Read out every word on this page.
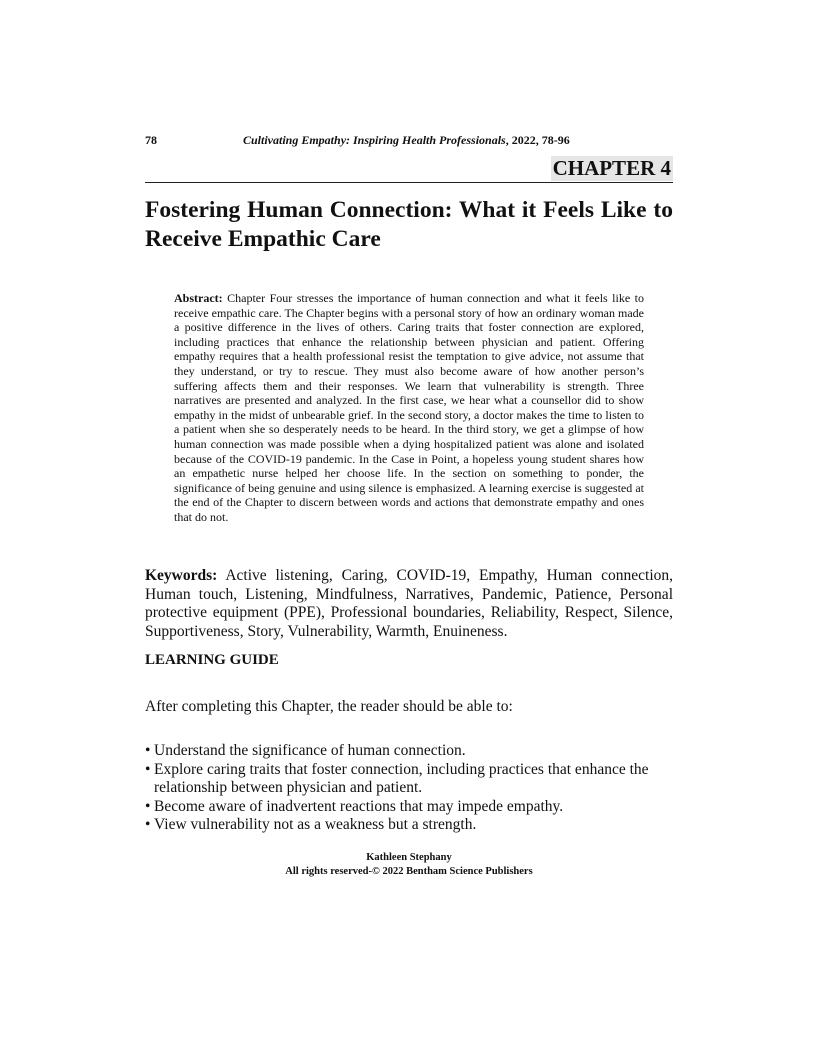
78	Cultivating Empathy: Inspiring Health Professionals, 2022, 78-96
CHAPTER 4
Fostering Human Connection: What it Feels Like to Receive Empathic Care
Abstract: Chapter Four stresses the importance of human connection and what it feels like to receive empathic care. The Chapter begins with a personal story of how an ordinary woman made a positive difference in the lives of others. Caring traits that foster connection are explored, including practices that enhance the relationship between physician and patient. Offering empathy requires that a health professional resist the temptation to give advice, not assume that they understand, or try to rescue. They must also become aware of how another person’s suffering affects them and their responses. We learn that vulnerability is strength. Three narratives are presented and analyzed. In the first case, we hear what a counsellor did to show empathy in the midst of unbearable grief. In the second story, a doctor makes the time to listen to a patient when she so desperately needs to be heard. In the third story, we get a glimpse of how human connection was made possible when a dying hospitalized patient was alone and isolated because of the COVID-19 pandemic. In the Case in Point, a hopeless young student shares how an empathetic nurse helped her choose life. In the section on something to ponder, the significance of being genuine and using silence is emphasized. A learning exercise is suggested at the end of the Chapter to discern between words and actions that demonstrate empathy and ones that do not.
Keywords: Active listening, Caring, COVID-19, Empathy, Human connection, Human touch, Listening, Mindfulness, Narratives, Pandemic, Patience, Personal protective equipment (PPE), Professional boundaries, Reliability, Respect, Silence, Supportiveness, Story, Vulnerability, Warmth, Enuineness.
LEARNING GUIDE
After completing this Chapter, the reader should be able to:
• Understand the significance of human connection.
• Explore caring traits that foster connection, including practices that enhance the relationship between physician and patient.
• Become aware of inadvertent reactions that may impede empathy.
• View vulnerability not as a weakness but a strength.
Kathleen Stephany
All rights reserved-© 2022 Bentham Science Publishers
